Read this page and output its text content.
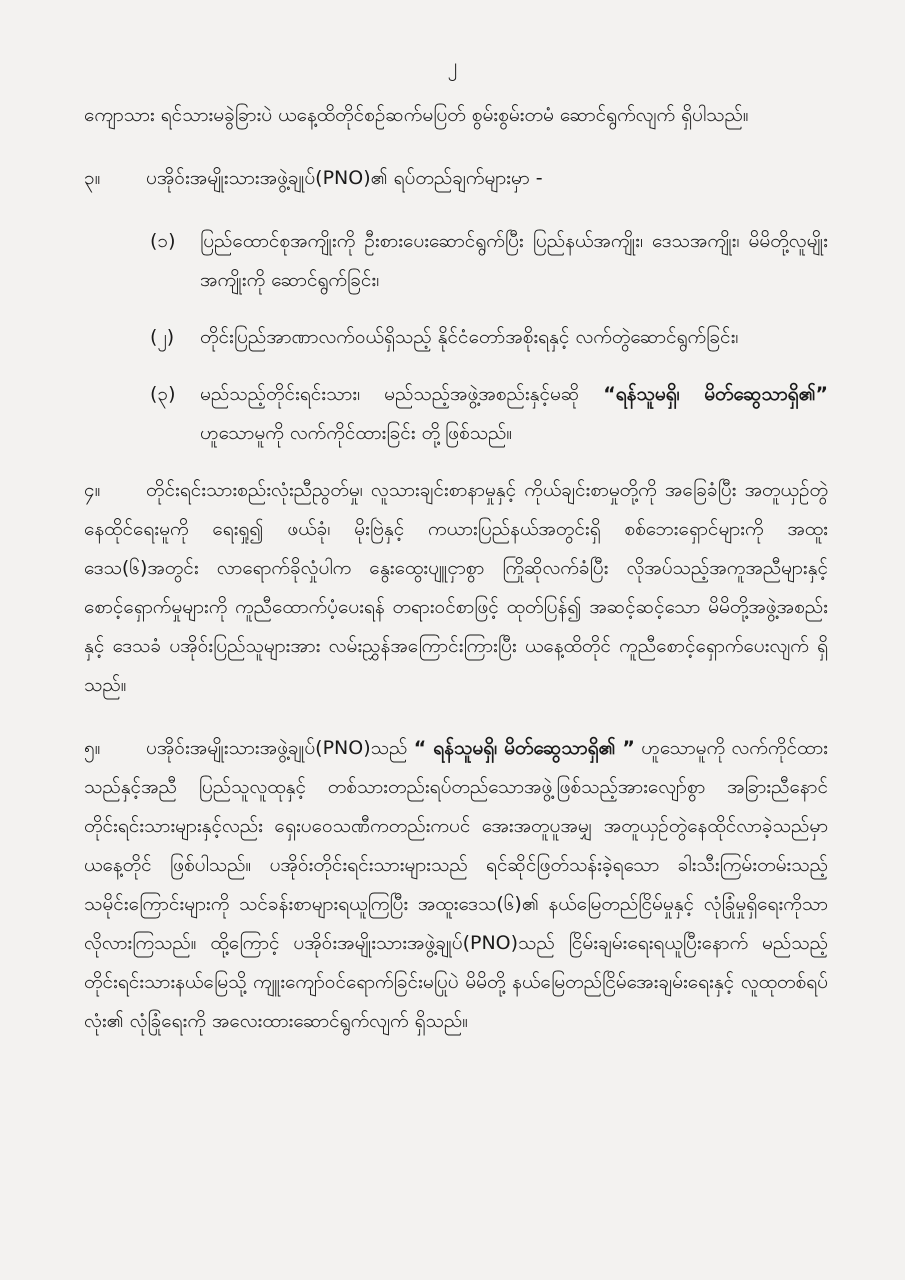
၂

ကျောသား ရင်သားမခွဲခြားပဲ ယနေ့ထိတိုင်စဉ်ဆက်မပြတ် စွမ်းစွမ်းတမံ ဆောင်ရွက်လျက် ရှိပါသည်။

၃။ ပအိုဝ်းအမျိုးသားအဖွဲ့ချုပ်(PNO)၏ ရပ်တည်ချက်များမှာ -

(၁)	ပြည်ထောင်စုအကျိုးကို ဦးစားပေးဆောင်ရွက်ပြီး ပြည်နယ်အကျိုး၊ ဒေသအကျိုး၊ မိမိတို့လူမျိုးအကျိုးကို ဆောင်ရွက်ခြင်း၊
(၂)	တိုင်းပြည်အာဏာလက်ဝယ်ရှိသည့် နိုင်ငံတော်အစိုးရနှင့် လက်တွဲဆောင်ရွက်ခြင်း၊
(၃)	မည်သည့်တိုင်းရင်းသား၊ မည်သည့်အဖွဲ့အစည်းနှင့်မဆို “ရန်သူမရှိ၊ မိတ်ဆွေသာရှိ၏” ဟူသောမူကို လက်ကိုင်ထားခြင်း တို့ဖြစ်သည်။

၄။ တိုင်းရင်းသားစည်းလုံးညီညွတ်မှု၊ လူသားချင်းစာနာမှုနှင့် ကိုယ်ချင်းစာမှုတို့ကို အခြေခံပြီး အတူယှဉ်တွဲနေထိုင်ရေးမူကို ရေးရှု၍ ဖယ်ခုံ၊ မိုးဗြဲနှင့် ကယားပြည်နယ်အတွင်းရှိ စစ်ဘေးရှောင်များကို အထူးဒေသ(၆)အတွင်း လာရောက်ခိုလှုံပါက နွေးထွေးပျူငှာစွာ ကြိုဆိုလက်ခံပြီး လိုအပ်သည့်အကူအညီများနှင့် စောင့်ရှောက်မှုများကို ကူညီထောက်ပံ့ပေးရန် တရားဝင်စာဖြင့် ထုတ်ပြန်၍ အဆင့်ဆင့်သော မိမိတို့အဖွဲ့အစည်းနှင့် ဒေသခံ ပအိုဝ်းပြည်သူများအား လမ်းညွှန်အကြောင်းကြားပြီး ယနေ့ထိတိုင် ကူညီစောင့်ရှောက်ပေးလျက် ရှိသည်။

၅။ ပအိုဝ်းအမျိုးသားအဖွဲ့ချုပ်(PNO)သည် “ ရန်သူမရှိ၊ မိတ်ဆွေသာရှိ၏ ” ဟူသောမူကို လက်ကိုင်ထားသည်နှင့်အညီ ပြည်သူလူထုနှင့် တစ်သားတည်းရပ်တည်သောအဖွဲ့ဖြစ်သည့်အားလျော်စွာ အခြားညီနောင်တိုင်းရင်းသားများနှင့်လည်း ရှေးပဝေသဏီကတည်းကပင် အေးအတူပူအမျှ အတူယှဉ်တွဲနေထိုင်လာခဲ့သည်မှာ ယနေ့တိုင် ဖြစ်ပါသည်။ ပအိုဝ်းတိုင်းရင်းသားများသည် ရင်ဆိုင်ဖြတ်သန်းခဲ့ရသော ခါးသီးကြမ်းတမ်းသည့် သမိုင်းကြောင်းများကို သင်ခန်းစာများရယူကြပြီး အထူးဒေသ(၆)၏ နယ်မြေတည်ငြိမ်မှုနှင့် လုံခြုံမှုရှိရေးကိုသာ လိုလားကြသည်။ ထို့ကြောင့် ပအိုဝ်းအမျိုးသားအဖွဲ့ချုပ်(PNO)သည် ငြိမ်းချမ်းရေးရယူပြီးနောက် မည်သည့်တိုင်းရင်းသားနယ်မြေသို့ ကျူးကျော်ဝင်ရောက်ခြင်းမပြုပဲ မိမိတို့ နယ်မြေတည်ငြိမ်အေးချမ်းရေးနှင့် လူထုတစ်ရပ်လုံး၏ လုံခြုံရေးကို အလေးထားဆောင်ရွက်လျက် ရှိသည်။
